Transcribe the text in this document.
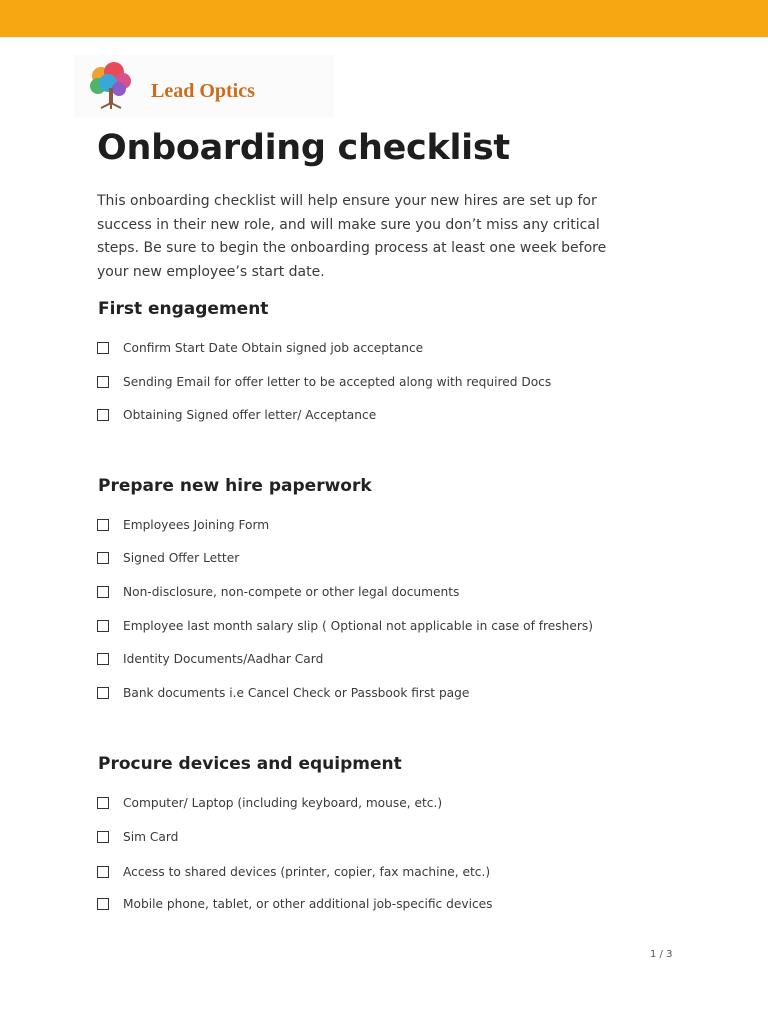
Lead Optics
Onboarding checklist

This onboarding checklist will help ensure your new hires are set up for success in their new role, and will make sure you don’t miss any critical steps. Be sure to begin the onboarding process at least one week before your new employee’s start date.

First engagement
Confirm Start Date Obtain signed job acceptance
Sending Email for offer letter to be accepted along with required Docs
Obtaining Signed offer letter/ Acceptance
Prepare new hire paperwork
Employees Joining Form
Signed Offer Letter
Non-disclosure, non-compete or other legal documents
Employee last month salary slip ( Optional not applicable in case of freshers)
Identity Documents/Aadhar Card
Bank documents i.e Cancel Check or Passbook first page
Procure devices and equipment
Computer/ Laptop (including keyboard, mouse, etc.)
Sim Card
Access to shared devices (printer, copier, fax machine, etc.)
Mobile phone, tablet, or other additional job-specific devices
1 / 3
